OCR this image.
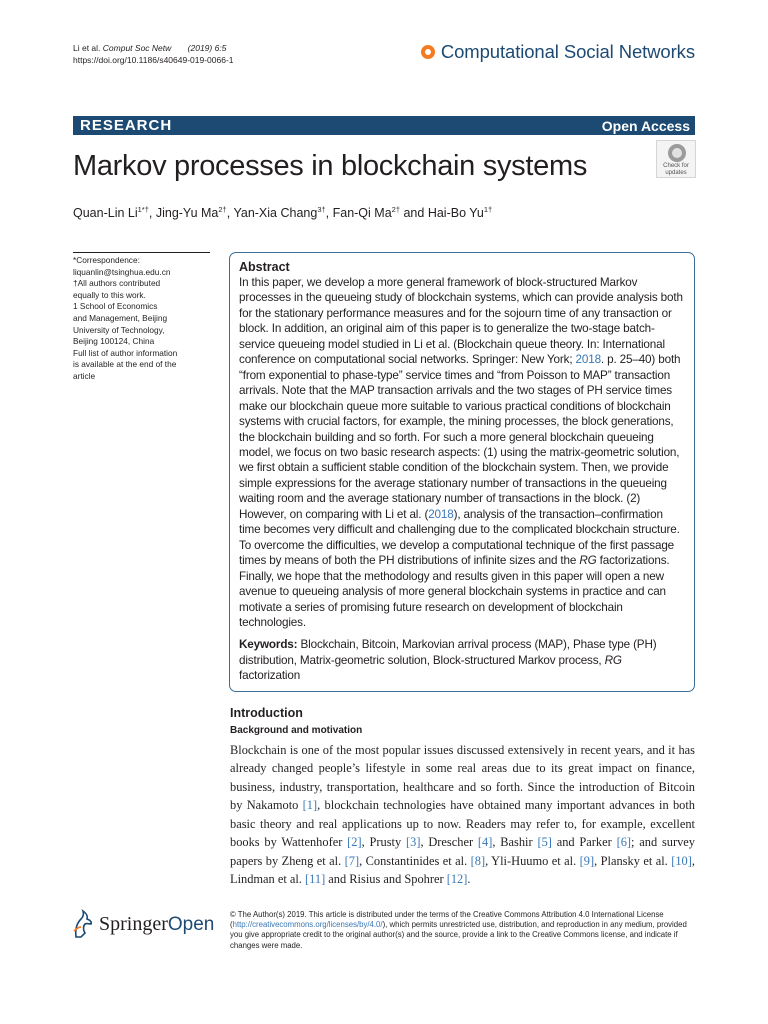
Li et al. Comput Soc Netw (2019) 6:5
https://doi.org/10.1186/s40649-019-0066-1	Computational Social Networks
RESEARCH	Open Access
Markov processes in blockchain systems	Check for
updates
Quan-Lin $Li^{1*\dagger}$, Jing-Yu $Ma^{2\dagger}$, Yan-Xia Chang$^{3\dagger}$, Fan-Qi $Ma^{2\dagger}$ and Hai-Bo $Yu^{1\dagger}$
*Correspondence:
liquanlin@tsinghua.edu.cn
†All authors contributed
equally to this work.
1 School of Economics
and Management, Beijing
University of Technology,
Beijing 100124, China
Full list of author information
is available at the end of the
article
Abstract
In this paper, we develop a more general framework of block-structured Markov processes in the queueing study of blockchain systems, which can provide analysis both for the stationary performance measures and for the sojourn time of any transaction or block. In addition, an original aim of this paper is to generalize the two-stage batch-service queueing model studied in Li et al. (Blockchain queue theory. In: International conference on computational social networks. Springer: New York; 2018. p. 25–40) both “from exponential to phase-type” service times and “from Poisson to MAP” transaction arrivals. Note that the MAP transaction arrivals and the two stages of PH service times make our blockchain queue more suitable to various practical conditions of blockchain systems with crucial factors, for example, the mining processes, the block generations, the blockchain building and so forth. For such a more general blockchain queueing model, we focus on two basic research aspects: (1) using the matrix-geometric solution, we first obtain a sufficient stable condition of the blockchain system. Then, we provide simple expressions for the average stationary number of transactions in the queueing waiting room and the average stationary number of transactions in the block. (2) However, on comparing with Li et al. (2018), analysis of the transaction–confirmation time becomes very difficult and challenging due to the complicated blockchain structure. To overcome the difficulties, we develop a computational technique of the first passage times by means of both the PH distributions of infinite sizes and the RG factorizations. Finally, we hope that the methodology and results given in this paper will open a new avenue to queueing analysis of more general blockchain systems in practice and can motivate a series of promising future research on development of blockchain technologies.
Keywords: Blockchain, Bitcoin, Markovian arrival process (MAP), Phase type (PH) distribution, Matrix-geometric solution, Block-structured Markov process, RG factorization
Introduction
Background and motivation
Blockchain is one of the most popular issues discussed extensively in recent years, and it has already changed people’s lifestyle in some real areas due to its great impact on finance, business, industry, transportation, healthcare and so forth. Since the introduction of Bitcoin by Nakamoto [1], blockchain technologies have obtained many important advances in both basic theory and real applications up to now. Readers may refer to, for example, excellent books by Wattenhofer [2], Prusty [3], Drescher [4], Bashir [5] and Parker [6]; and survey papers by Zheng et al. [7], Constantinides et al. [8], Yli-Huumo et al. [9], Plansky et al. [10], Lindman et al. [11] and Risius and Spohrer [12].
SpringerOpen © The Author(s) 2019. This article is distributed under the terms of the Creative Commons Attribution 4.0 International License (http://creativecommons.org/licenses/by/4.0/), which permits unrestricted use, distribution, and reproduction in any medium, provided you give appropriate credit to the original author(s) and the source, provide a link to the Creative Commons license, and indicate if changes were made.
